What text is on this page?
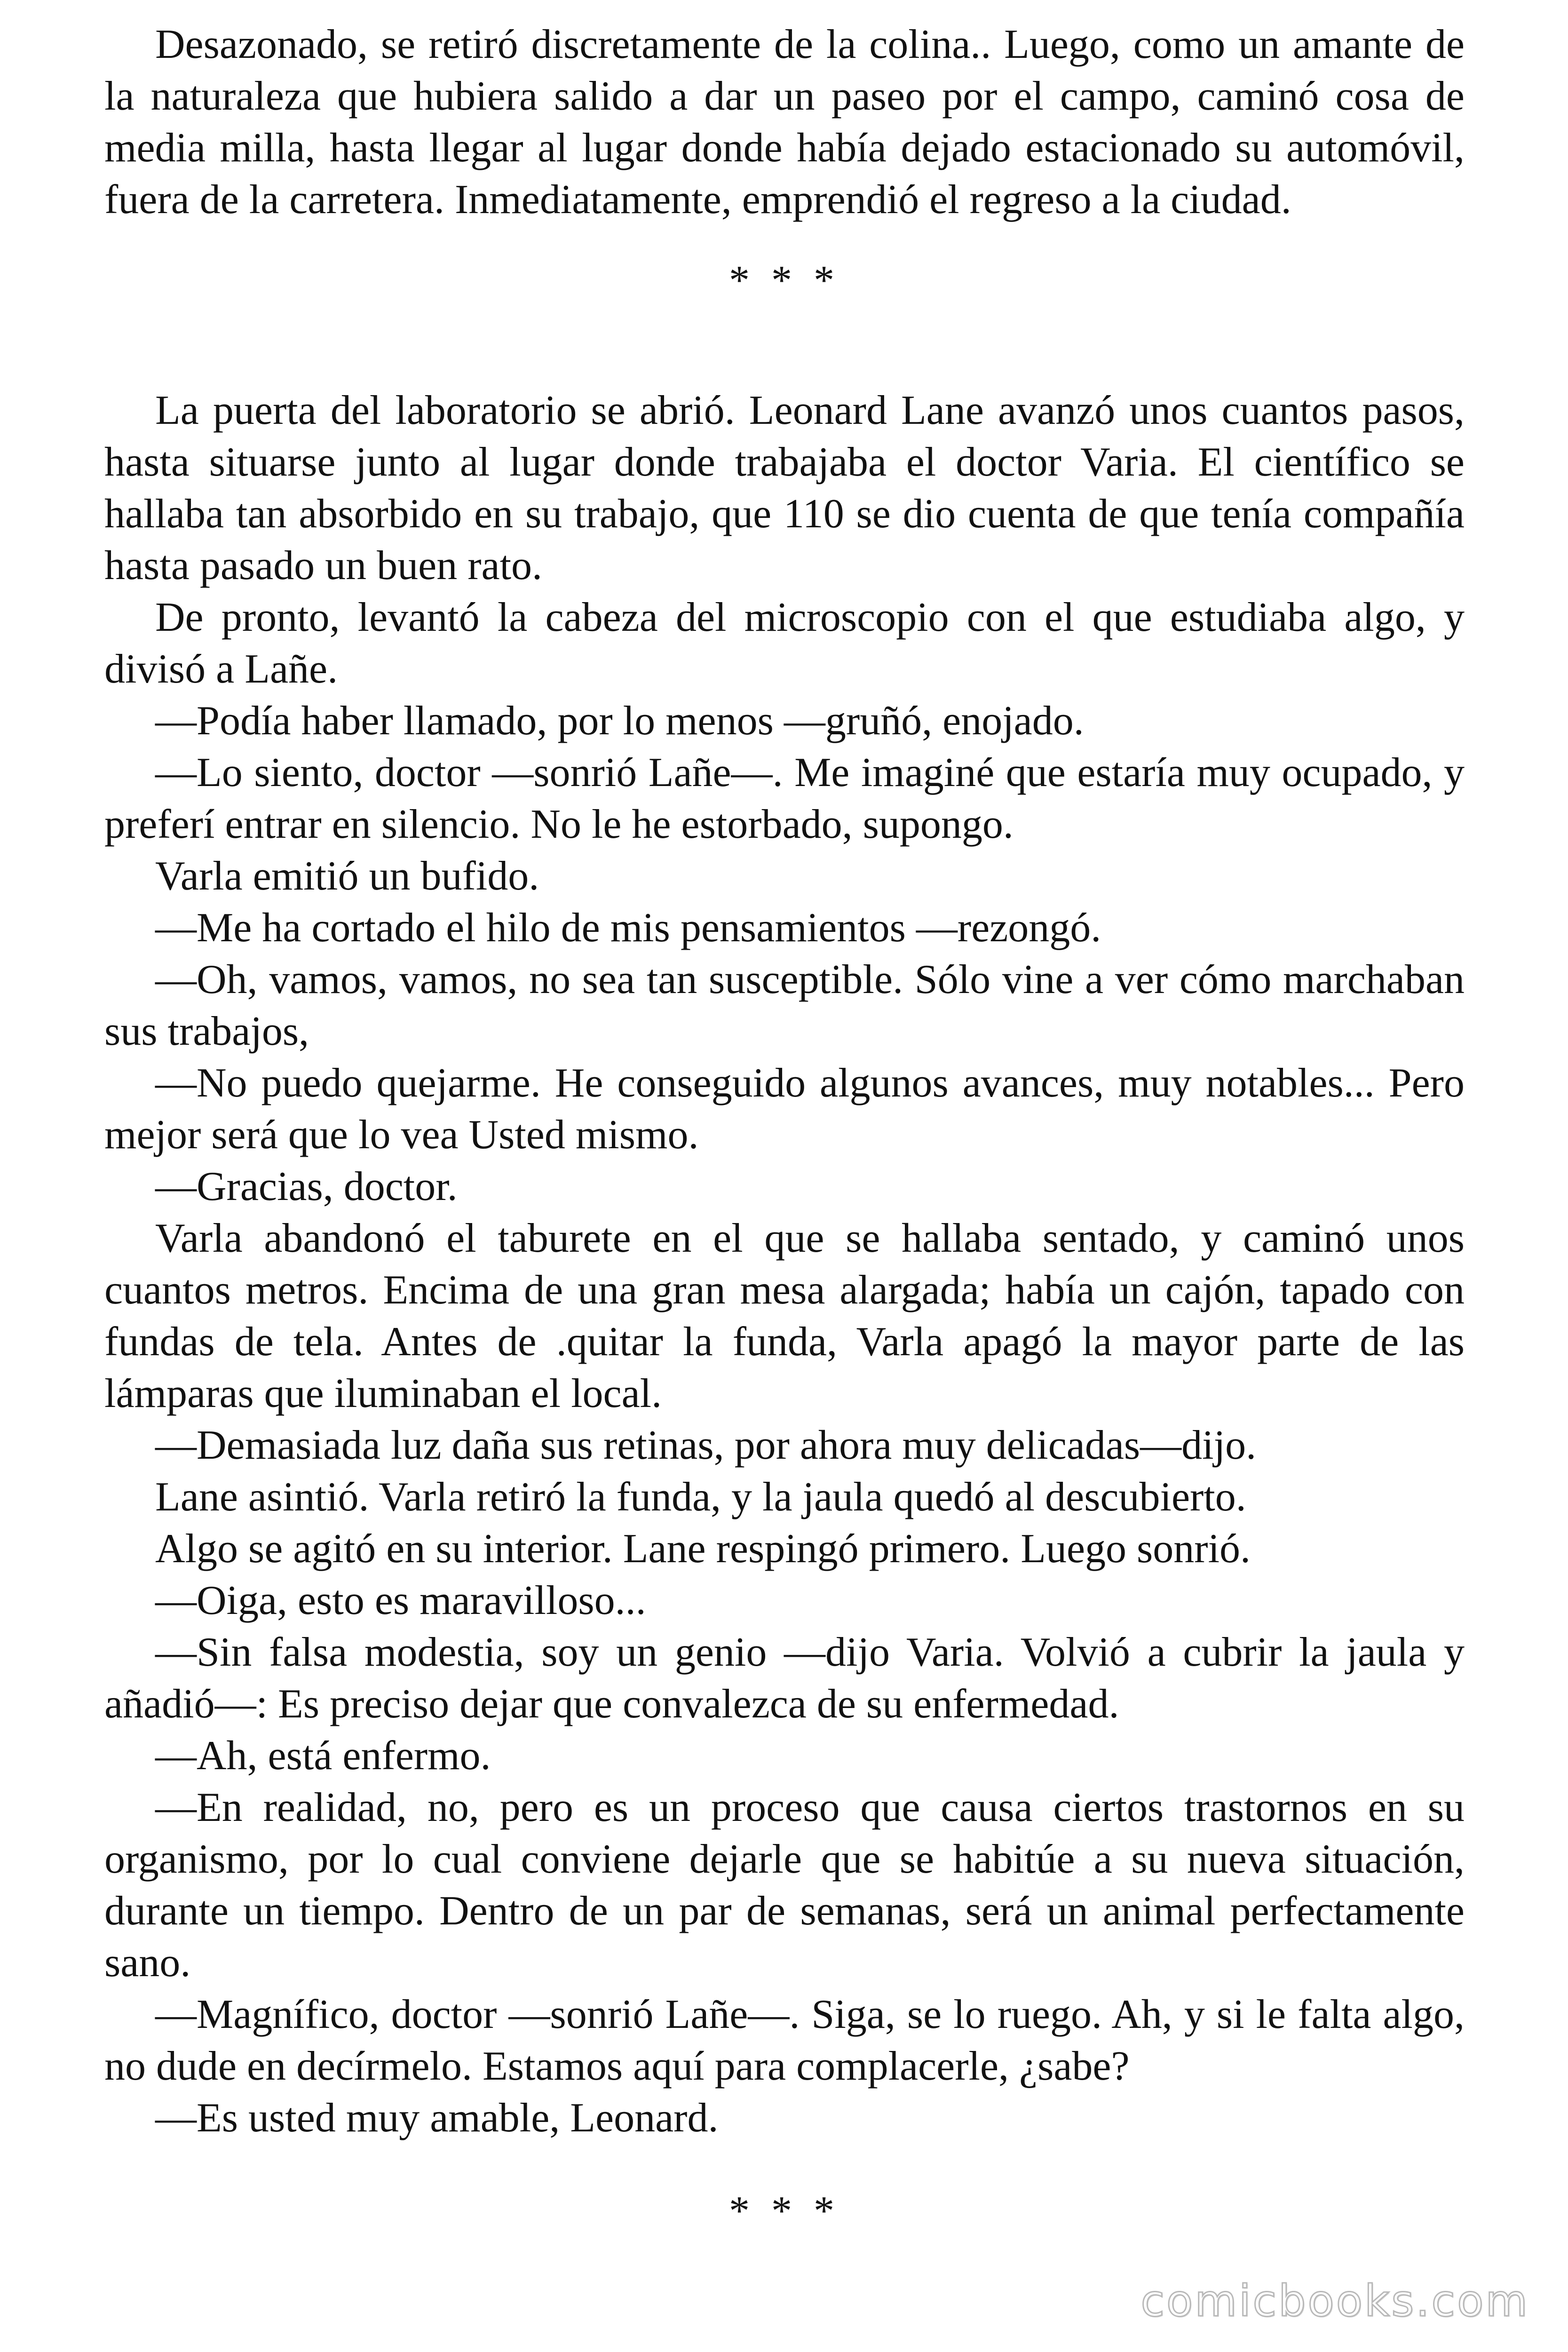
Desazonado, se retiró discretamente de la colina.. Luego, como un amante de la naturaleza que hubiera salido a dar un paseo por el campo, caminó cosa de media milla, hasta llegar al lugar donde había dejado estacionado su automóvil, fuera de la carretera. Inmediatamente, emprendió el regreso a la ciudad.

* * *

La puerta del laboratorio se abrió. Leonard Lane avanzó unos cuantos pasos, hasta situarse junto al lugar donde trabajaba el doctor Varia. El científico se hallaba tan absorbido en su trabajo, que 110 se dio cuenta de que tenía compañía hasta pasado un buen rato.

De pronto, levantó la cabeza del microscopio con el que estudiaba algo, y divisó a Lañe.

—Podía haber llamado, por lo menos —gruñó, enojado.

—Lo siento, doctor —sonrió Lañe—. Me imaginé que estaría muy ocupado, y preferí entrar en silencio. No le he estorbado, supongo.

Varla emitió un bufido.

—Me ha cortado el hilo de mis pensamientos —rezongó.

—Oh, vamos, vamos, no sea tan susceptible. Sólo vine a ver cómo marchaban sus trabajos,

—No puedo quejarme. He conseguido algunos avances, muy notables... Pero mejor será que lo vea Usted mismo.

—Gracias, doctor.

Varla abandonó el taburete en el que se hallaba sentado, y caminó unos cuantos metros. Encima de una gran mesa alargada; había un cajón, tapado con fundas de tela. Antes de .quitar la funda, Varla apagó la mayor parte de las lámparas que iluminaban el local.

—Demasiada luz daña sus retinas, por ahora muy delicadas—dijo.

Lane asintió. Varla retiró la funda, y la jaula quedó al descubierto.

Algo se agitó en su interior. Lane respingó primero. Luego sonrió.

—Oiga, esto es maravilloso...

—Sin falsa modestia, soy un genio —dijo Varia. Volvió a cubrir la jaula y añadió—: Es preciso dejar que convalezca de su enfermedad.

—Ah, está enfermo.

—En realidad, no, pero es un proceso que causa ciertos trastornos en su organismo, por lo cual conviene dejarle que se habitúe a su nueva situación, durante un tiempo. Dentro de un par de semanas, será un animal perfectamente sano.

—Magnífico, doctor —sonrió Lañe—. Siga, se lo ruego. Ah, y si le falta algo, no dude en decírmelo. Estamos aquí para complacerle, ¿sabe?

—Es usted muy amable, Leonard.

* * *

comicbooks.com
